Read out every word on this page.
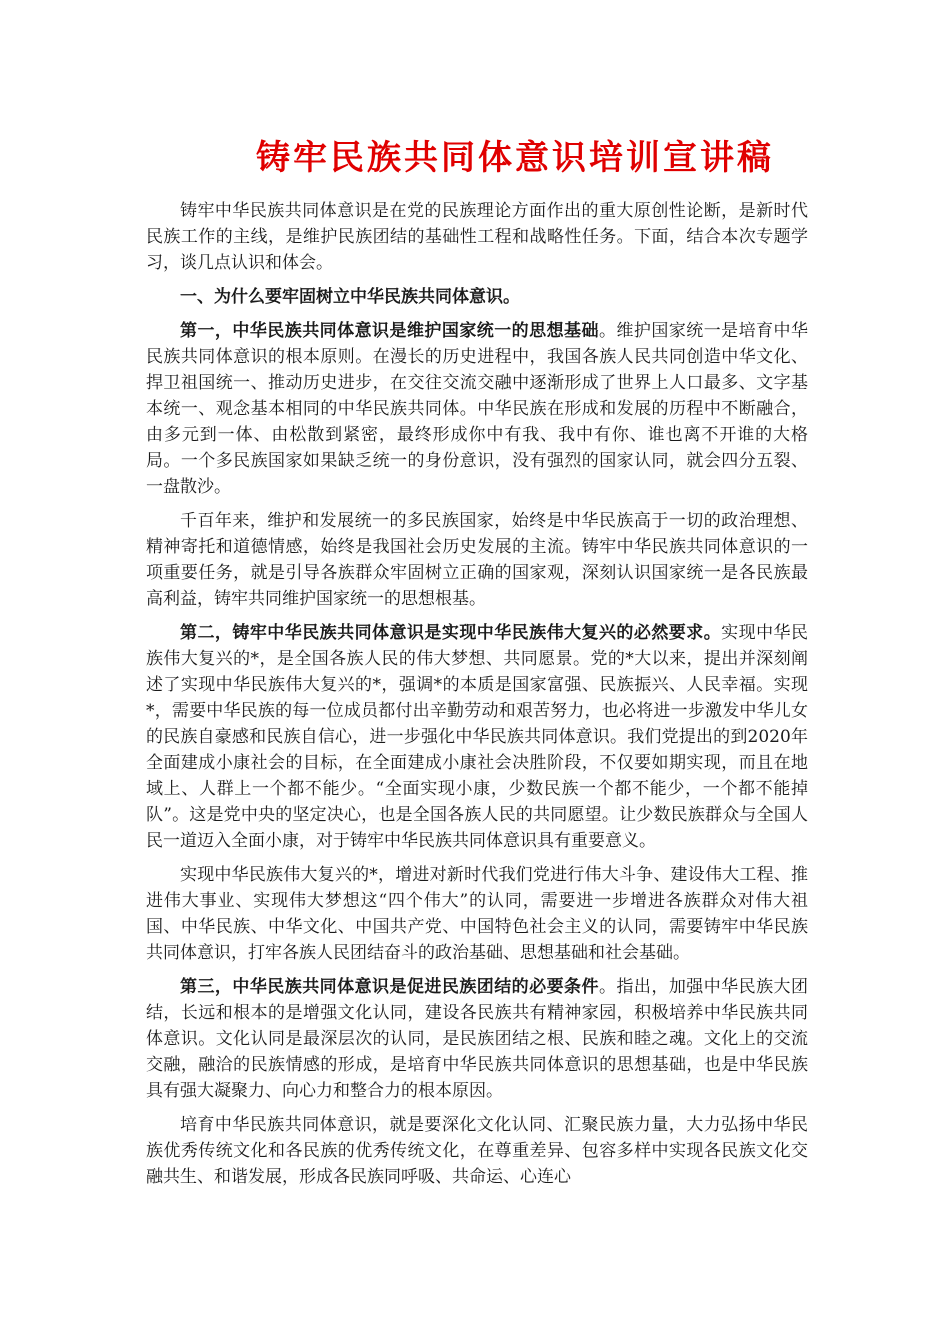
铸牢民族共同体意识培训宣讲稿

铸牢中华民族共同体意识是在党的民族理论方面作出的重大原创性论断，是新时代民族工作的主线，是维护民族团结的基础性工程和战略性任务。下面，结合本次专题学习，谈几点认识和体会。

一、为什么要牢固树立中华民族共同体意识。

第一，中华民族共同体意识是维护国家统一的思想基础。维护国家统一是培育中华民族共同体意识的根本原则。在漫长的历史进程中，我国各族人民共同创造中华文化、捍卫祖国统一、推动历史进步，在交往交流交融中逐渐形成了世界上人口最多、文字基本统一、观念基本相同的中华民族共同体。中华民族在形成和发展的历程中不断融合，由多元到一体、由松散到紧密，最终形成你中有我、我中有你、谁也离不开谁的大格局。一个多民族国家如果缺乏统一的身份意识，没有强烈的国家认同，就会四分五裂、一盘散沙。

千百年来，维护和发展统一的多民族国家，始终是中华民族高于一切的政治理想、精神寄托和道德情感，始终是我国社会历史发展的主流。铸牢中华民族共同体意识的一项重要任务，就是引导各族群众牢固树立正确的国家观，深刻认识国家统一是各民族最高利益，铸牢共同维护国家统一的思想根基。

第二，铸牢中华民族共同体意识是实现中华民族伟大复兴的必然要求。实现中华民族伟大复兴的*，是全国各族人民的伟大梦想、共同愿景。党的*大以来，提出并深刻阐述了实现中华民族伟大复兴的*，强调*的本质是国家富强、民族振兴、人民幸福。实现*，需要中华民族的每一位成员都付出辛勤劳动和艰苦努力，也必将进一步激发中华儿女的民族自豪感和民族自信心，进一步强化中华民族共同体意识。我们党提出的到2020年全面建成小康社会的目标，在全面建成小康社会决胜阶段，不仅要如期实现，而且在地域上、人群上一个都不能少。“全面实现小康，少数民族一个都不能少，一个都不能掉队”。这是党中央的坚定决心，也是全国各族人民的共同愿望。让少数民族群众与全国人民一道迈入全面小康，对于铸牢中华民族共同体意识具有重要意义。

实现中华民族伟大复兴的*，增进对新时代我们党进行伟大斗争、建设伟大工程、推进伟大事业、实现伟大梦想这“四个伟大”的认同，需要进一步增进各族群众对伟大祖国、中华民族、中华文化、中国共产党、中国特色社会主义的认同，需要铸牢中华民族共同体意识，打牢各族人民团结奋斗的政治基础、思想基础和社会基础。

第三，中华民族共同体意识是促进民族团结的必要条件。指出，加强中华民族大团结，长远和根本的是增强文化认同，建设各民族共有精神家园，积极培养中华民族共同体意识。文化认同是最深层次的认同，是民族团结之根、民族和睦之魂。文化上的交流交融，融洽的民族情感的形成，是培育中华民族共同体意识的思想基础，也是中华民族具有强大凝聚力、向心力和整合力的根本原因。

培育中华民族共同体意识，就是要深化文化认同、汇聚民族力量，大力弘扬中华民族优秀传统文化和各民族的优秀传统文化，在尊重差异、包容多样中实现各民族文化交融共生、和谐发展，形成各民族同呼吸、共命运、心连心
